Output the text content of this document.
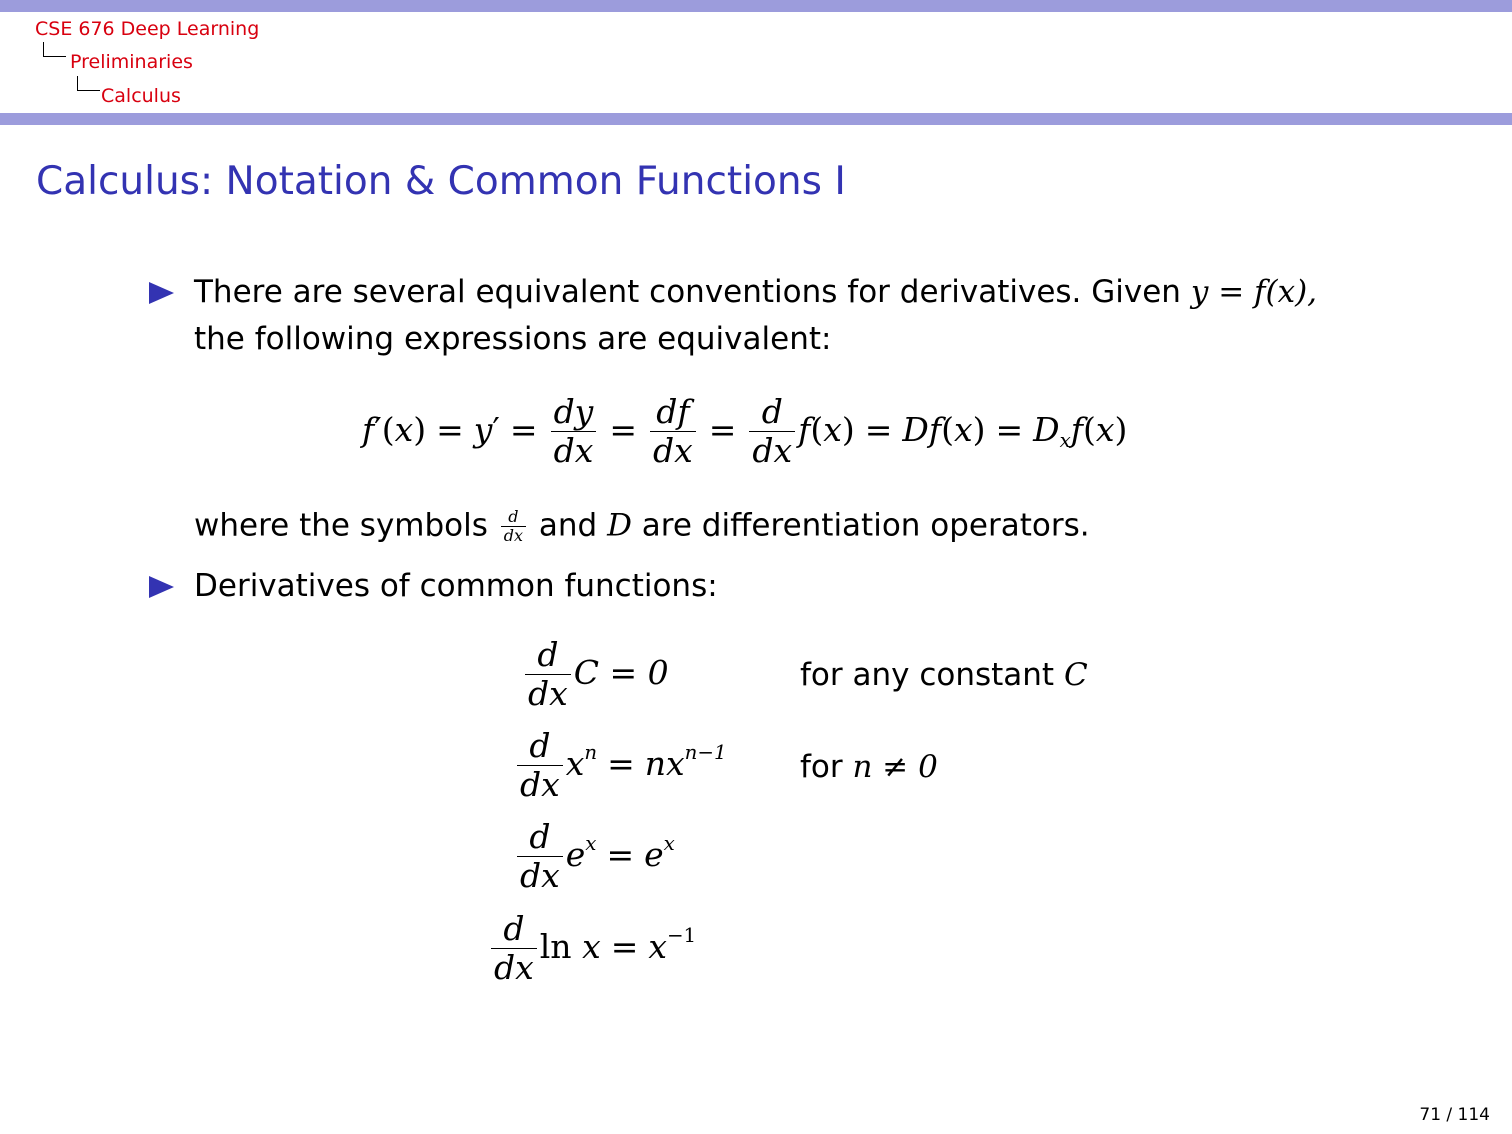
CSE 676 Deep Learning
Preliminaries
Calculus
Calculus: Notation & Common Functions I
There are several equivalent conventions for derivatives. Given y = f(x),
the following expressions are equivalent:
$f'(x) = y' = \frac{dy}{dx} = \frac{df}{dx} = \frac{d}{dx} f(x) = Df(x) = D_xf(x)$
where the symbols $\frac{d}{dx}$ and D are differentiation operators.
Derivatives of common functions:
$\frac{d}{dx}$ C = 0	for any constant C
$\frac{d}{dx} x^n = nx^{n-1}$ for n ≠ 0
$\frac{d}{dx} e^x = e^x$
$\frac{d}{dx}$ $\ln x = x^{-1}$
71 / 114
